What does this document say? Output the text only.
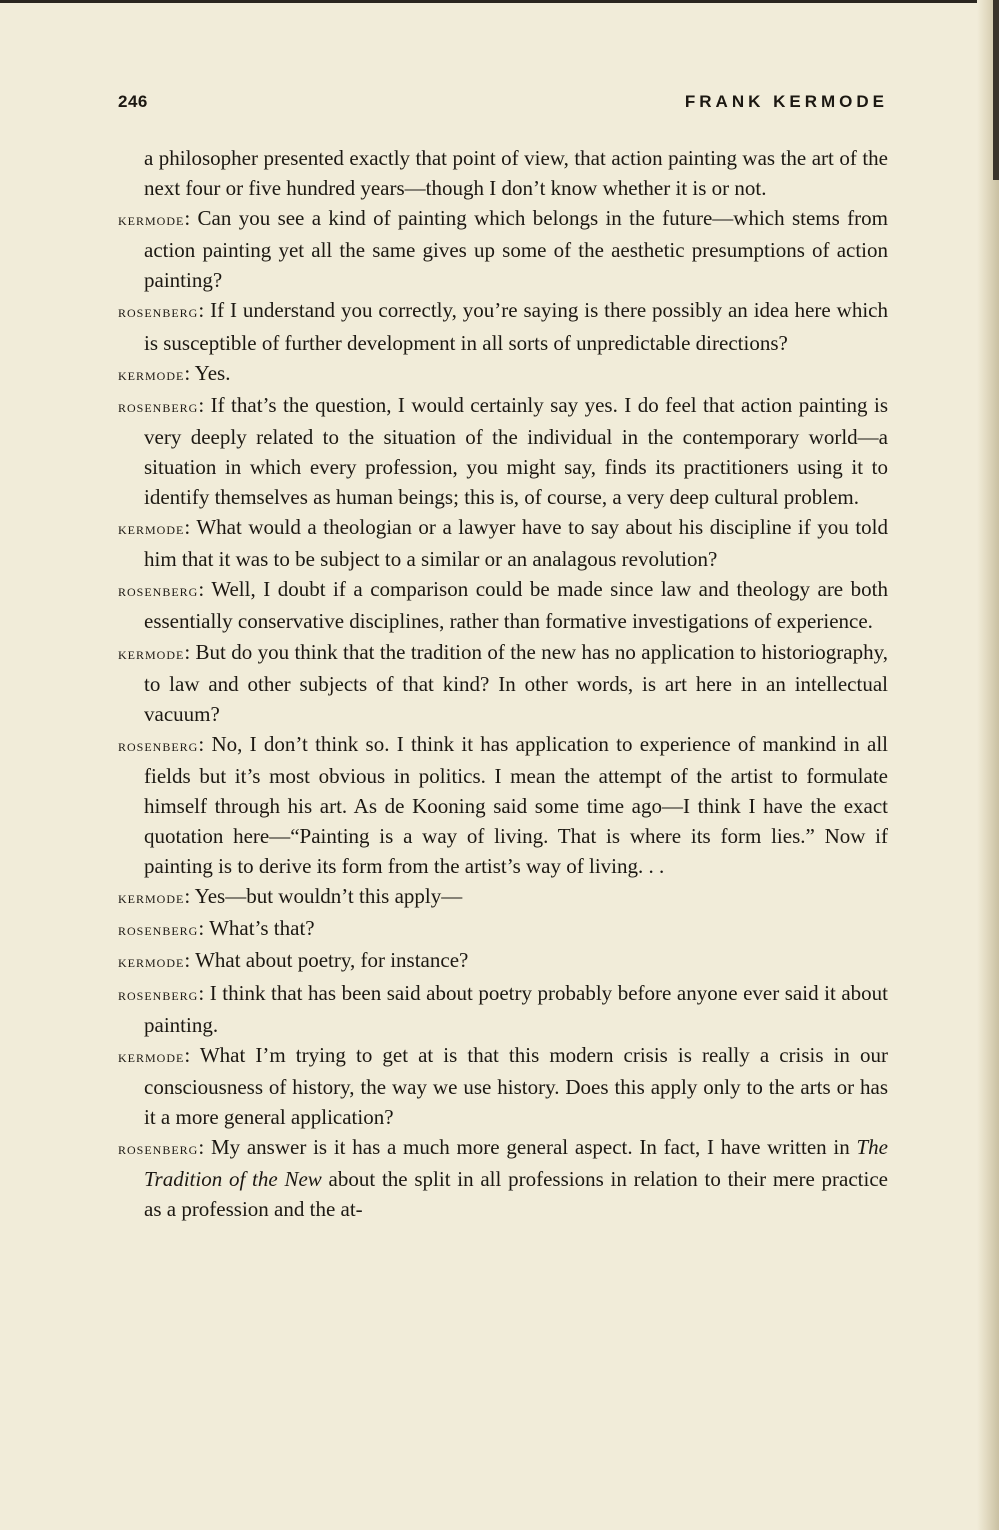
246	FRANK KERMODE

a philosopher presented exactly that point of view, that action painting was the art of the next four or five hundred years—though I don’t know whether it is or not.

kermode: Can you see a kind of painting which belongs in the future—which stems from action painting yet all the same gives up some of the aesthetic presumptions of action painting?

rosenberg: If I understand you correctly, you’re saying is there possibly an idea here which is susceptible of further development in all sorts of unpredictable directions?

kermode: Yes.

rosenberg: If that’s the question, I would certainly say yes. I do feel that action painting is very deeply related to the situation of the individual in the contemporary world—a situation in which every profession, you might say, finds its practitioners using it to identify themselves as human beings; this is, of course, a very deep cultural problem.

kermode: What would a theologian or a lawyer have to say about his discipline if you told him that it was to be subject to a similar or an analagous revolution?

rosenberg: Well, I doubt if a comparison could be made since law and theology are both essentially conservative disciplines, rather than formative investigations of experience.

kermode: But do you think that the tradition of the new has no application to historiography, to law and other subjects of that kind? In other words, is art here in an intellectual vacuum?

rosenberg: No, I don’t think so. I think it has application to experience of mankind in all fields but it’s most obvious in politics. I mean the attempt of the artist to formulate himself through his art. As de Kooning said some time ago—I think I have the exact quotation here—“Painting is a way of living. That is where its form lies.” Now if painting is to derive its form from the artist’s way of living. . .

kermode: Yes—but wouldn’t this apply—

rosenberg: What’s that?

kermode: What about poetry, for instance?

rosenberg: I think that has been said about poetry probably before anyone ever said it about painting.

kermode: What I’m trying to get at is that this modern crisis is really a crisis in our consciousness of history, the way we use history. Does this apply only to the arts or has it a more general application?

rosenberg: My answer is it has a much more general aspect. In fact, I have written in The Tradition of the New about the split in all professions in relation to their mere practice as a profession and the at-
